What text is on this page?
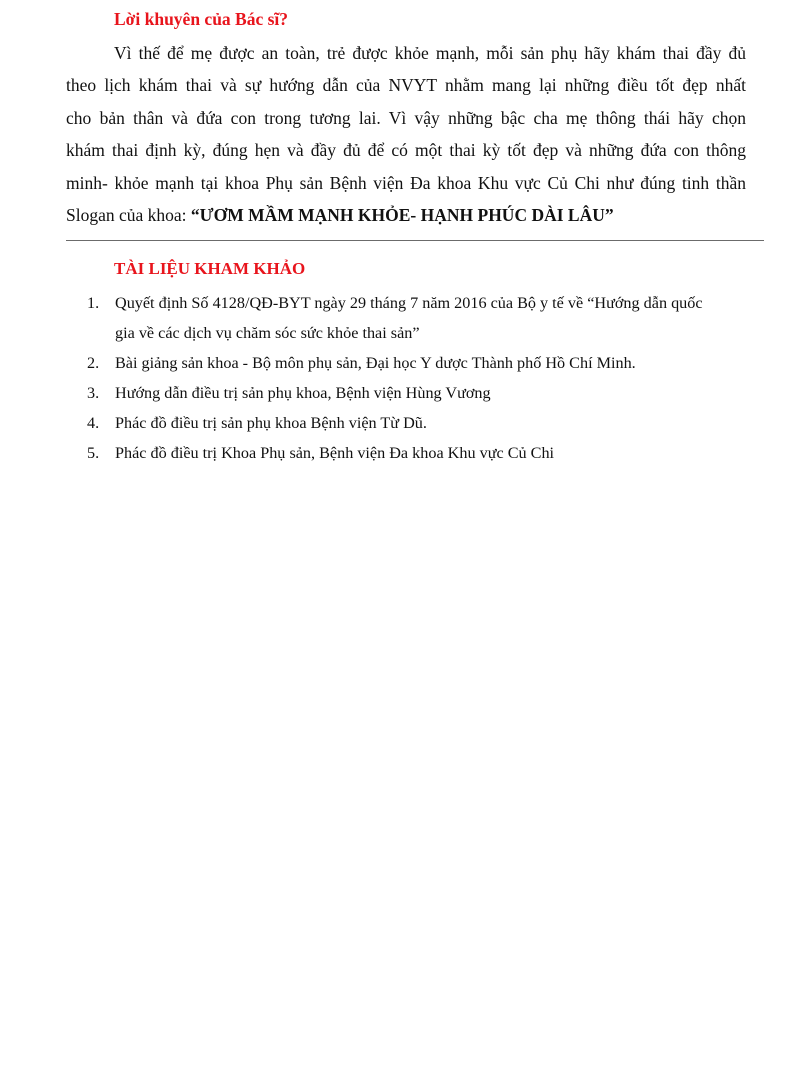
Lời khuyên của Bác sĩ?
Vì thế để mẹ được an toàn, trẻ được khỏe mạnh, mỗi sản phụ hãy khám thai đầy đủ
theo lịch khám thai và sự hướng dẫn của NVYT nhằm mang lại những điều tốt đẹp nhất
cho bản thân và đứa con trong tương lai. Vì vậy những bậc cha mẹ thông thái hãy chọn
khám thai định kỳ, đúng hẹn và đầy đủ để có một thai kỳ tốt đẹp và những đứa con thông
minh- khỏe mạnh tại khoa Phụ sản Bệnh viện Đa khoa Khu vực Củ Chi như đúng tinh thần
Slogan của khoa: “ƯƠM MẦM MẠNH KHỎE- HẠNH PHÚC DÀI LÂU”
TÀI LIỆU KHAM KHẢO
1. Quyết định Số 4128/QĐ-BYT ngày 29 tháng 7 năm 2016 của Bộ y tế về “Hướng dẫn quốc
gia về các dịch vụ chăm sóc sức khỏe thai sản”
2. Bài giảng sản khoa - Bộ môn phụ sản, Đại học Y dược Thành phố Hồ Chí Minh.
3. Hướng dẫn điều trị sản phụ khoa, Bệnh viện Hùng Vương
4. Phác đồ điều trị sản phụ khoa Bệnh viện Từ Dũ.
5. Phác đồ điều trị Khoa Phụ sản, Bệnh viện Đa khoa Khu vực Củ Chi
